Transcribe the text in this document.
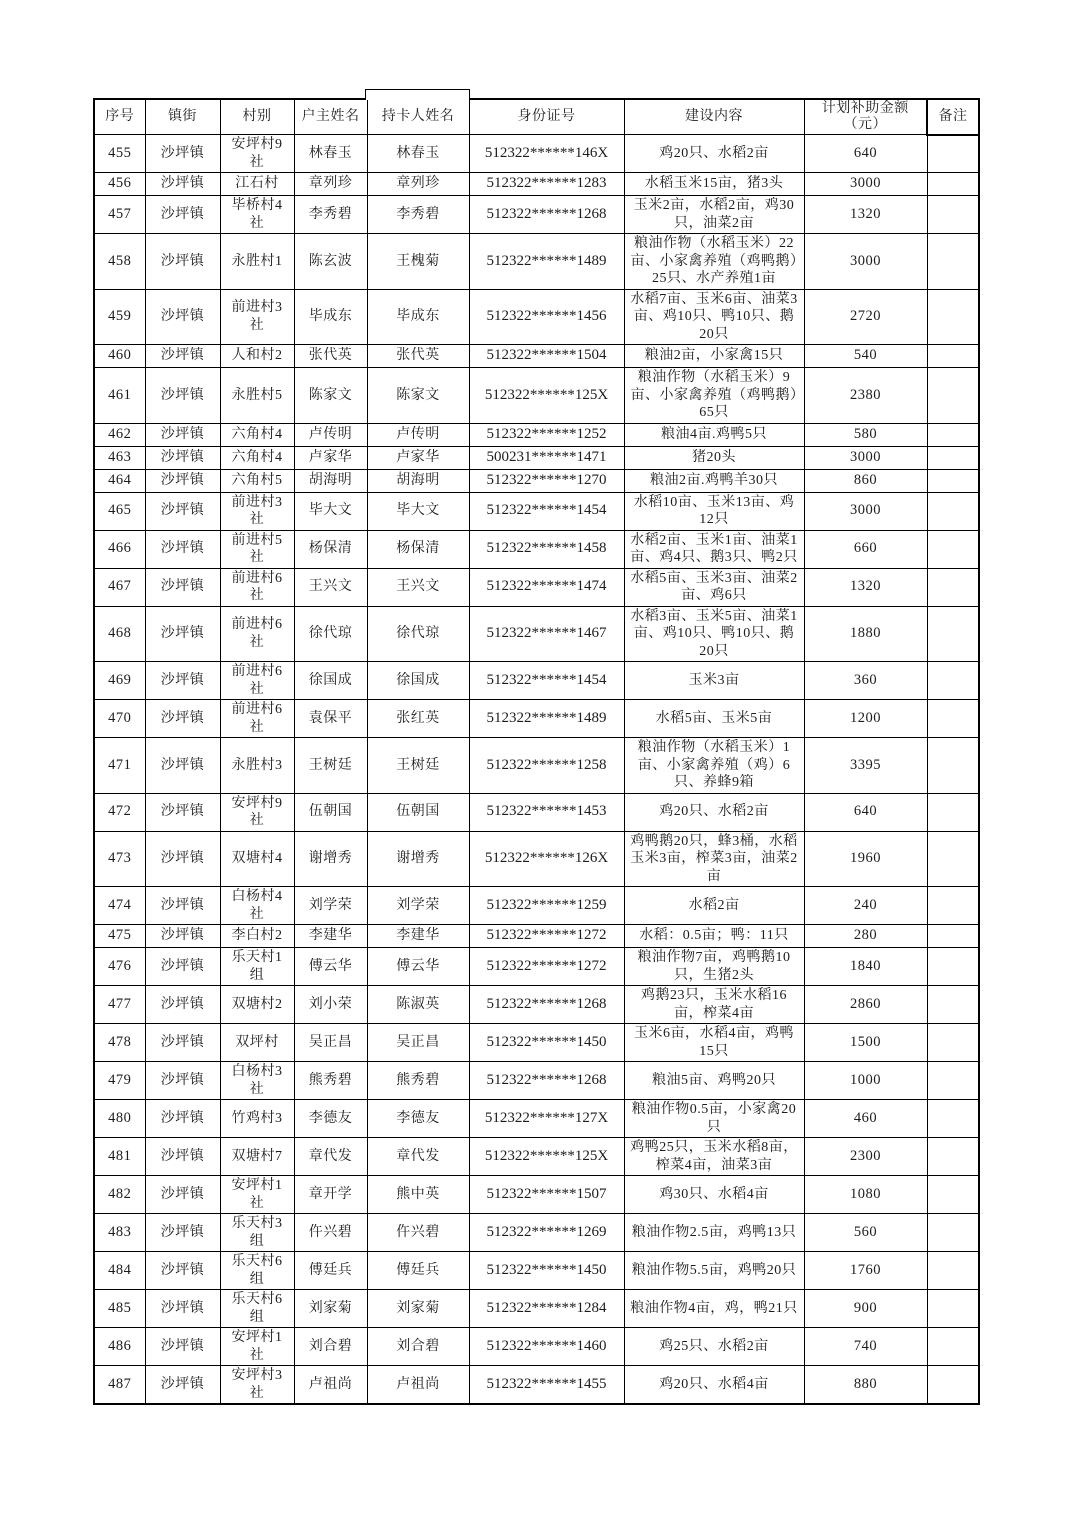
序号	镇街	村别	户主姓名	持卡人姓名	身份证号	建设内容	计划补助金额（元）	备注
455	沙坪镇	安坪村9社	林春玉	林春玉	512322******146X	鸡20只、水稻2亩	640	
456	沙坪镇	江石村	章列珍	章列珍	512322******1283	水稻玉米15亩，猪3头	3000	
457	沙坪镇	毕桥村4社	李秀碧	李秀碧	512322******1268	玉米2亩，水稻2亩，鸡30只，油菜2亩	1320	
458	沙坪镇	永胜村1	陈玄波	王槐菊	512322******1489	粮油作物（水稻玉米）22亩、小家禽养殖（鸡鸭鹅）25只、水产养殖1亩	3000	
459	沙坪镇	前进村3社	毕成东	毕成东	512322******1456	水稻7亩、玉米6亩、油菜3亩、鸡10只、鸭10只、鹅20只	2720	
460	沙坪镇	人和村2	张代英	张代英	512322******1504	粮油2亩，小家禽15只	540	
461	沙坪镇	永胜村5	陈家文	陈家文	512322******125X	粮油作物（水稻玉米）9亩、小家禽养殖（鸡鸭鹅）65只	2380	
462	沙坪镇	六角村4	卢传明	卢传明	512322******1252	粮油4亩.鸡鸭5只	580	
463	沙坪镇	六角村4	卢家华	卢家华	500231******1471	猪20头	3000	
464	沙坪镇	六角村5	胡海明	胡海明	512322******1270	粮油2亩.鸡鸭羊30只	860	
465	沙坪镇	前进村3社	毕大文	毕大文	512322******1454	水稻10亩、玉米13亩、鸡12只	3000	
466	沙坪镇	前进村5社	杨保清	杨保清	512322******1458	水稻2亩、玉米1亩、油菜1亩、鸡4只、鹅3只、鸭2只	660	
467	沙坪镇	前进村6社	王兴文	王兴文	512322******1474	水稻5亩、玉米3亩、油菜2亩、鸡6只	1320	
468	沙坪镇	前进村6社	徐代琼	徐代琼	512322******1467	水稻3亩、玉米5亩、油菜1亩、鸡10只、鸭10只、鹅20只	1880	
469	沙坪镇	前进村6社	徐国成	徐国成	512322******1454	玉米3亩	360	
470	沙坪镇	前进村6社	袁保平	张红英	512322******1489	水稻5亩、玉米5亩	1200	
471	沙坪镇	永胜村3	王树廷	王树廷	512322******1258	粮油作物（水稻玉米）1亩、小家禽养殖（鸡）6只、养蜂9箱	3395	
472	沙坪镇	安坪村9社	伍朝国	伍朝国	512322******1453	鸡20只、水稻2亩	640	
473	沙坪镇	双塘村4	谢增秀	谢增秀	512322******126X	鸡鸭鹅20只，蜂3桶，水稻玉米3亩，榨菜3亩，油菜2亩	1960	
474	沙坪镇	白杨村4社	刘学荣	刘学荣	512322******1259	水稻2亩	240	
475	沙坪镇	李白村2	李建华	李建华	512322******1272	水稻：0.5亩；鸭：11只	280	
476	沙坪镇	乐天村1组	傅云华	傅云华	512322******1272	粮油作物7亩，鸡鸭鹅10只，生猪2头	1840	
477	沙坪镇	双塘村2	刘小荣	陈淑英	512322******1268	鸡鹅23只，玉米水稻16亩，榨菜4亩	2860	
478	沙坪镇	双坪村	吴正昌	吴正昌	512322******1450	玉米6亩，水稻4亩，鸡鸭15只	1500	
479	沙坪镇	白杨村3社	熊秀碧	熊秀碧	512322******1268	粮油5亩、鸡鸭20只	1000	
480	沙坪镇	竹鸡村3	李德友	李德友	512322******127X	粮油作物0.5亩，小家禽20只	460	
481	沙坪镇	双塘村7	章代发	章代发	512322******125X	鸡鸭25只，玉米水稻8亩，榨菜4亩，油菜3亩	2300	
482	沙坪镇	安坪村1社	章开学	熊中英	512322******1507	鸡30只、水稻4亩	1080	
483	沙坪镇	乐天村3组	仵兴碧	仵兴碧	512322******1269	粮油作物2.5亩，鸡鸭13只	560	
484	沙坪镇	乐天村6组	傅廷兵	傅廷兵	512322******1450	粮油作物5.5亩，鸡鸭20只	1760	
485	沙坪镇	乐天村6组	刘家菊	刘家菊	512322******1284	粮油作物4亩，鸡，鸭21只	900	
486	沙坪镇	安坪村1社	刘合碧	刘合碧	512322******1460	鸡25只、水稻2亩	740	
487	沙坪镇	安坪村3社	卢祖尚	卢祖尚	512322******1455	鸡20只、水稻4亩	880	
